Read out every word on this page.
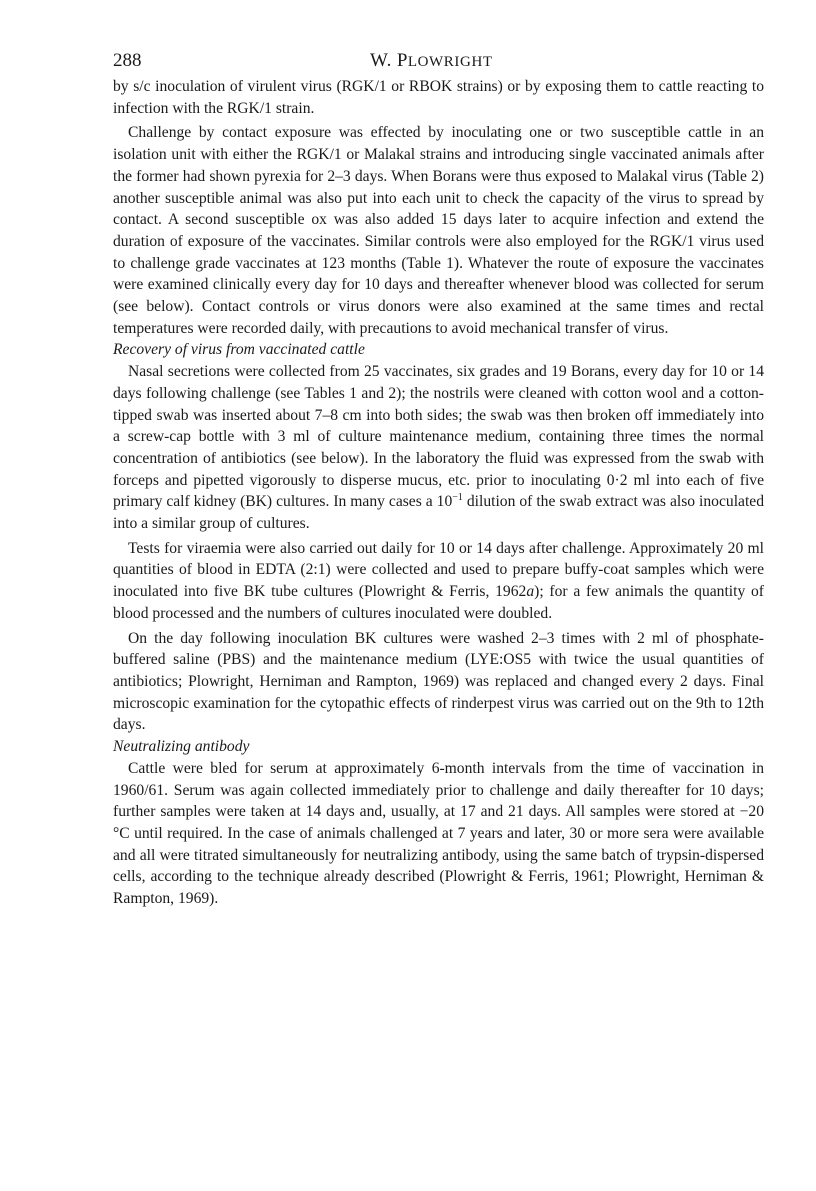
288	W. PLOWRIGHT

by s/c inoculation of virulent virus (RGK/1 or RBOK strains) or by exposing them to cattle reacting to infection with the RGK/1 strain.

Challenge by contact exposure was effected by inoculating one or two susceptible cattle in an isolation unit with either the RGK/1 or Malakal strains and introducing single vaccinated animals after the former had shown pyrexia for 2–3 days. When Borans were thus exposed to Malakal virus (Table 2) another susceptible animal was also put into each unit to check the capacity of the virus to spread by contact. A second susceptible ox was also added 15 days later to acquire infection and extend the duration of exposure of the vaccinates. Similar controls were also employed for the RGK/1 virus used to challenge grade vaccinates at 123 months (Table 1). Whatever the route of exposure the vaccinates were examined clinically every day for 10 days and thereafter whenever blood was collected for serum (see below). Contact controls or virus donors were also examined at the same times and rectal temperatures were recorded daily, with precautions to avoid mechanical transfer of virus.

Recovery of virus from vaccinated cattle

Nasal secretions were collected from 25 vaccinates, six grades and 19 Borans, every day for 10 or 14 days following challenge (see Tables 1 and 2); the nostrils were cleaned with cotton wool and a cotton-tipped swab was inserted about 7–8 cm into both sides; the swab was then broken off immediately into a screw-cap bottle with 3 ml of culture maintenance medium, containing three times the normal concentration of antibiotics (see below). In the laboratory the fluid was expressed from the swab with forceps and pipetted vigorously to disperse mucus, etc. prior to inoculating 0·2 ml into each of five primary calf kidney (BK) cultures. In many cases a $10^{-1}$ dilution of the swab extract was also inoculated into a similar group of cultures.

Tests for viraemia were also carried out daily for 10 or 14 days after challenge. Approximately 20 ml quantities of blood in EDTA (2:1) were collected and used to prepare buffy-coat samples which were inoculated into five BK tube cultures (Plowright & Ferris, 1962a); for a few animals the quantity of blood processed and the numbers of cultures inoculated were doubled.

On the day following inoculation BK cultures were washed 2–3 times with 2 ml of phosphate-buffered saline (PBS) and the maintenance medium (LYE:OS5 with twice the usual quantities of antibiotics; Plowright, Herniman and Rampton, 1969) was replaced and changed every 2 days. Final microscopic examination for the cytopathic effects of rinderpest virus was carried out on the 9th to 12th days.

Neutralizing antibody

Cattle were bled for serum at approximately 6-month intervals from the time of vaccination in 1960/61. Serum was again collected immediately prior to challenge and daily thereafter for 10 days; further samples were taken at 14 days and, usually, at 17 and 21 days. All samples were stored at −20 °C until required. In the case of animals challenged at 7 years and later, 30 or more sera were available and all were titrated simultaneously for neutralizing antibody, using the same batch of trypsin-dispersed cells, according to the technique already described (Plowright & Ferris, 1961; Plowright, Herniman & Rampton, 1969).
